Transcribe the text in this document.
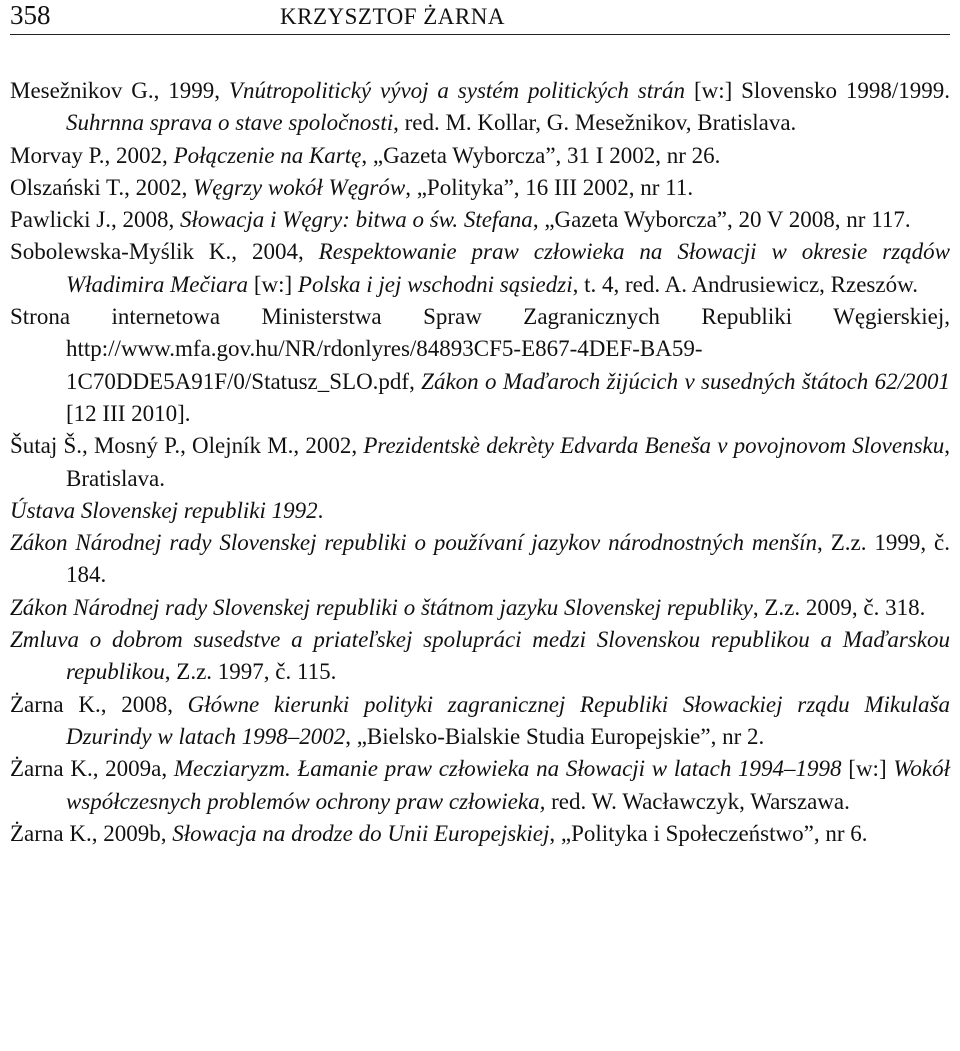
358	KRZYSZTOF ŻARNA

Mesežnikov G., 1999, Vnútropolitický vývoj a systém politických strán [w:] Slovensko 1998/1999. Suhrnna sprava o stave spoločnosti, red. M. Kollar, G. Mesežnikov, Bratislava.

Morvay P., 2002, Połączenie na Kartę, „Gazeta Wyborcza”, 31 I 2002, nr 26.

Olszański T., 2002, Węgrzy wokół Węgrów, „Polityka”, 16 III 2002, nr 11.

Pawlicki J., 2008, Słowacja i Węgry: bitwa o św. Stefana, „Gazeta Wyborcza”, 20 V 2008, nr 117.

Sobolewska-Myślik K., 2004, Respektowanie praw człowieka na Słowacji w okresie rządów Władimira Mečiara [w:] Polska i jej wschodni sąsiedzi, t. 4, red. A. Andrusiewicz, Rzeszów.

Strona internetowa Ministerstwa Spraw Zagranicznych Republiki Węgierskiej, http://www.mfa.gov.hu/NR/rdonlyres/84893CF5-E867-4DEF-BA59-1C70DDE5A91F/0/Statusz_SLO.pdf, Zákon o Maďaroch žijúcich v susedných štátoch 62/2001 [12 III 2010].

Šutaj Š., Mosný P., Olejník M., 2002, Prezidentskè dekrèty Edvarda Beneša v povojnovom Slovensku, Bratislava.

Ústava Slovenskej republiki 1992.

Zákon Národnej rady Slovenskej republiki o používaní jazykov národnostných menšín, Z.z. 1999, č. 184.

Zákon Národnej rady Slovenskej republiki o štátnom jazyku Slovenskej republiky, Z.z. 2009, č. 318.

Zmluva o dobrom susedstve a priateľskej spolupráci medzi Slovenskou republikou a Maďarskou republikou, Z.z. 1997, č. 115.

Żarna K., 2008, Główne kierunki polityki zagranicznej Republiki Słowackiej rządu Mikulaša Dzurindy w latach 1998–2002, „Bielsko-Bialskie Studia Europejskie”, nr 2.

Żarna K., 2009a, Mecziaryzm. Łamanie praw człowieka na Słowacji w latach 1994–1998 [w:] Wokół współczesnych problemów ochrony praw człowieka, red. W. Wacławczyk, Warszawa.

Żarna K., 2009b, Słowacja na drodze do Unii Europejskiej, „Polityka i Społeczeństwo”, nr 6.
